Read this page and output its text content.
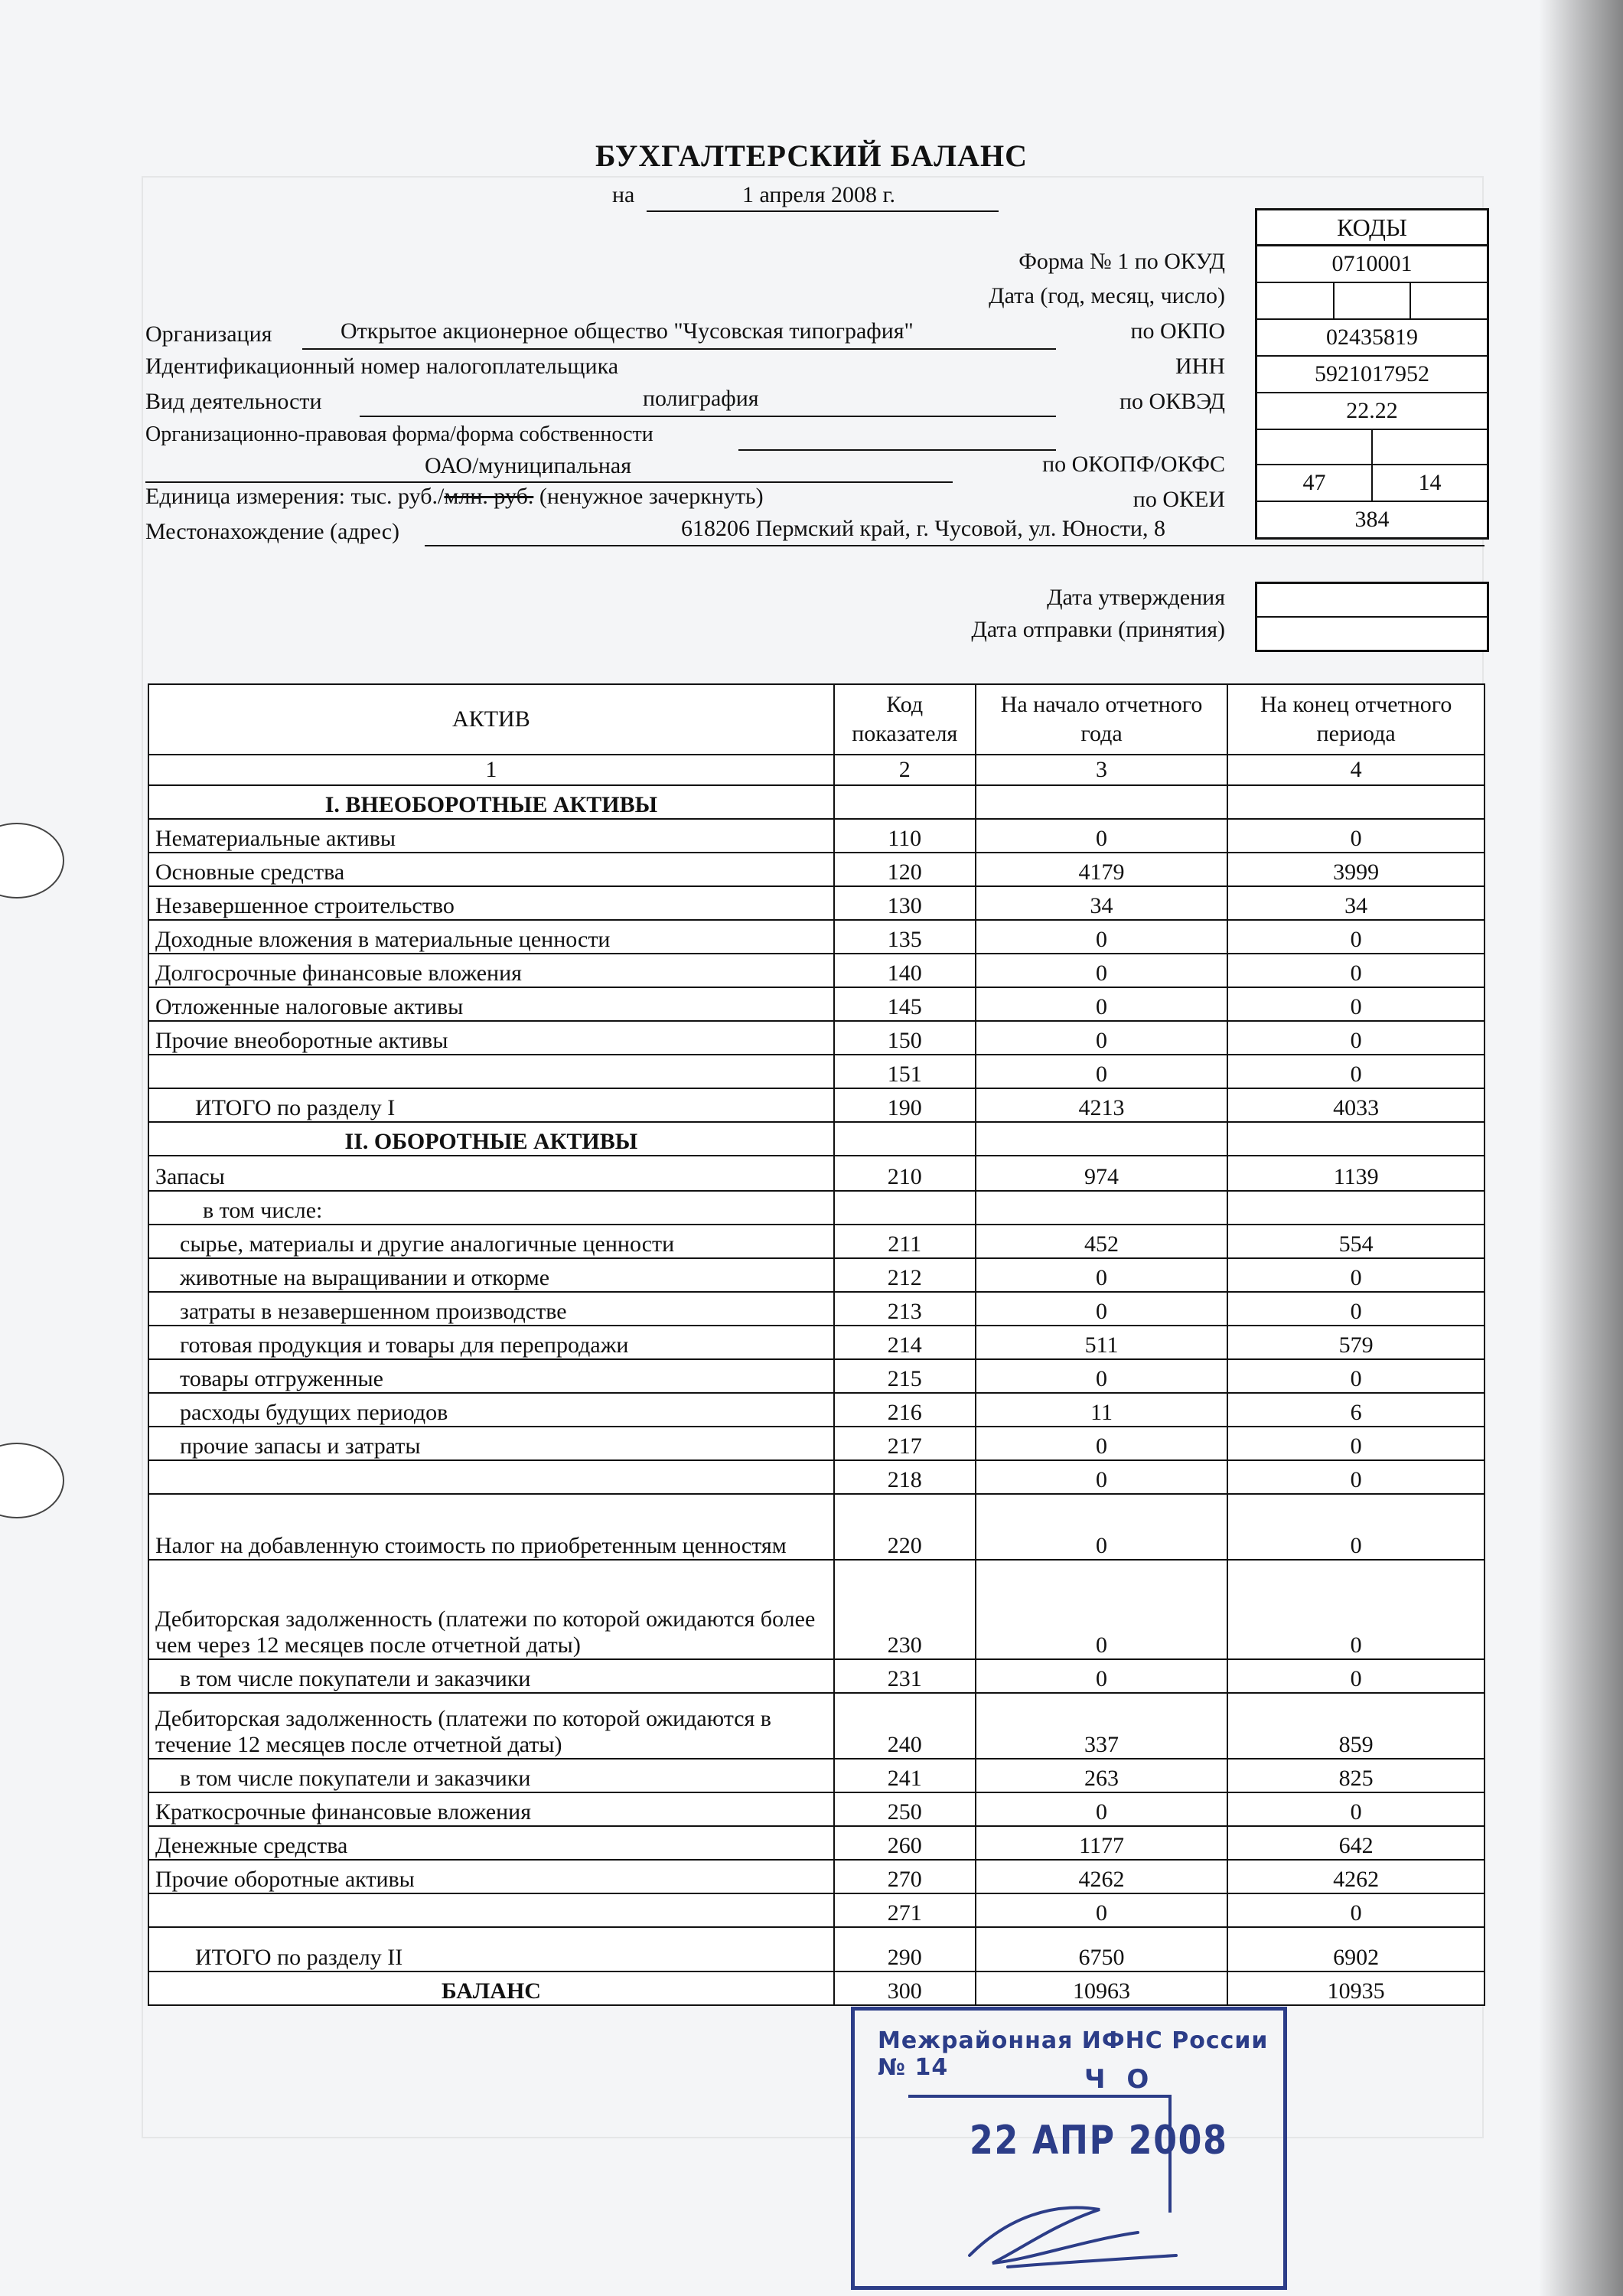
БУХГАЛТЕРСКИЙ БАЛАНС
на	1 апреля 2008 г.
КОДЫ
0710001
02435819
5921017952
22.22
47	14
384
Форма № 1 по ОКУД
Дата (год, месяц, число)
по ОКПО
ИНН
по ОКВЭД
по ОКОПФ/ОКФС
по ОКЕИ
Организация	Открытое акционерное общество "Чусовская типография"
Идентификационный номер налогоплательщика
Вид деятельности	полиграфия
Организационно-правовая форма/форма собственности
ОАО/муниципальная
Единица измерения: тыс. руб./млн. руб. (ненужное зачеркнуть)
Местонахождение (адрес)	618206 Пермский край, г. Чусовой, ул. Юности, 8
Дата утверждения
Дата отправки (принятия)
АКТИВ	Код показателя	На начало отчетного года	На конец отчетного периода
1	2	3	4
I. ВНЕОБОРОТНЫЕ АКТИВЫ			
Нематериальные активы	110	0	0
Основные средства	120	4179	3999
Незавершенное строительство	130	34	34
Доходные вложения в материальные ценности	135	0	0
Долгосрочные финансовые вложения	140	0	0
Отложенные налоговые активы	145	0	0
Прочие внеоборотные активы	150	0	0
	151	0	0
ИТОГО по разделу I	190	4213	4033
II. ОБОРОТНЫЕ АКТИВЫ			
Запасы	210	974	1139
в том числе:			
сырье, материалы и другие аналогичные ценности	211	452	554
животные на выращивании и откорме	212	0	0
затраты в незавершенном производстве	213	0	0
готовая продукция и товары для перепродажи	214	511	579
товары отгруженные	215	0	0
расходы будущих периодов	216	11	6
прочие запасы и затраты	217	0	0
	218	0	0
Налог на добавленную стоимость по приобретенным ценностям	220	0	0
Дебиторская задолженность (платежи по которой ожидаются более чем через 12 месяцев после отчетной даты)	230	0	0
в том числе покупатели и заказчики	231	0	0
Дебиторская задолженность (платежи по которой ожидаются в течение 12 месяцев после отчетной даты)	240	337	859
в том числе покупатели и заказчики	241	263	825
Краткосрочные финансовые вложения	250	0	0
Денежные средства	260	1177	642
Прочие оборотные активы	270	4262	4262
	271	0	0
ИТОГО по разделу II	290	6750	6902
БАЛАНС	300	10963	10935
Межрайонная ИФНС России № 14	Ч О
22 АПР 2008
